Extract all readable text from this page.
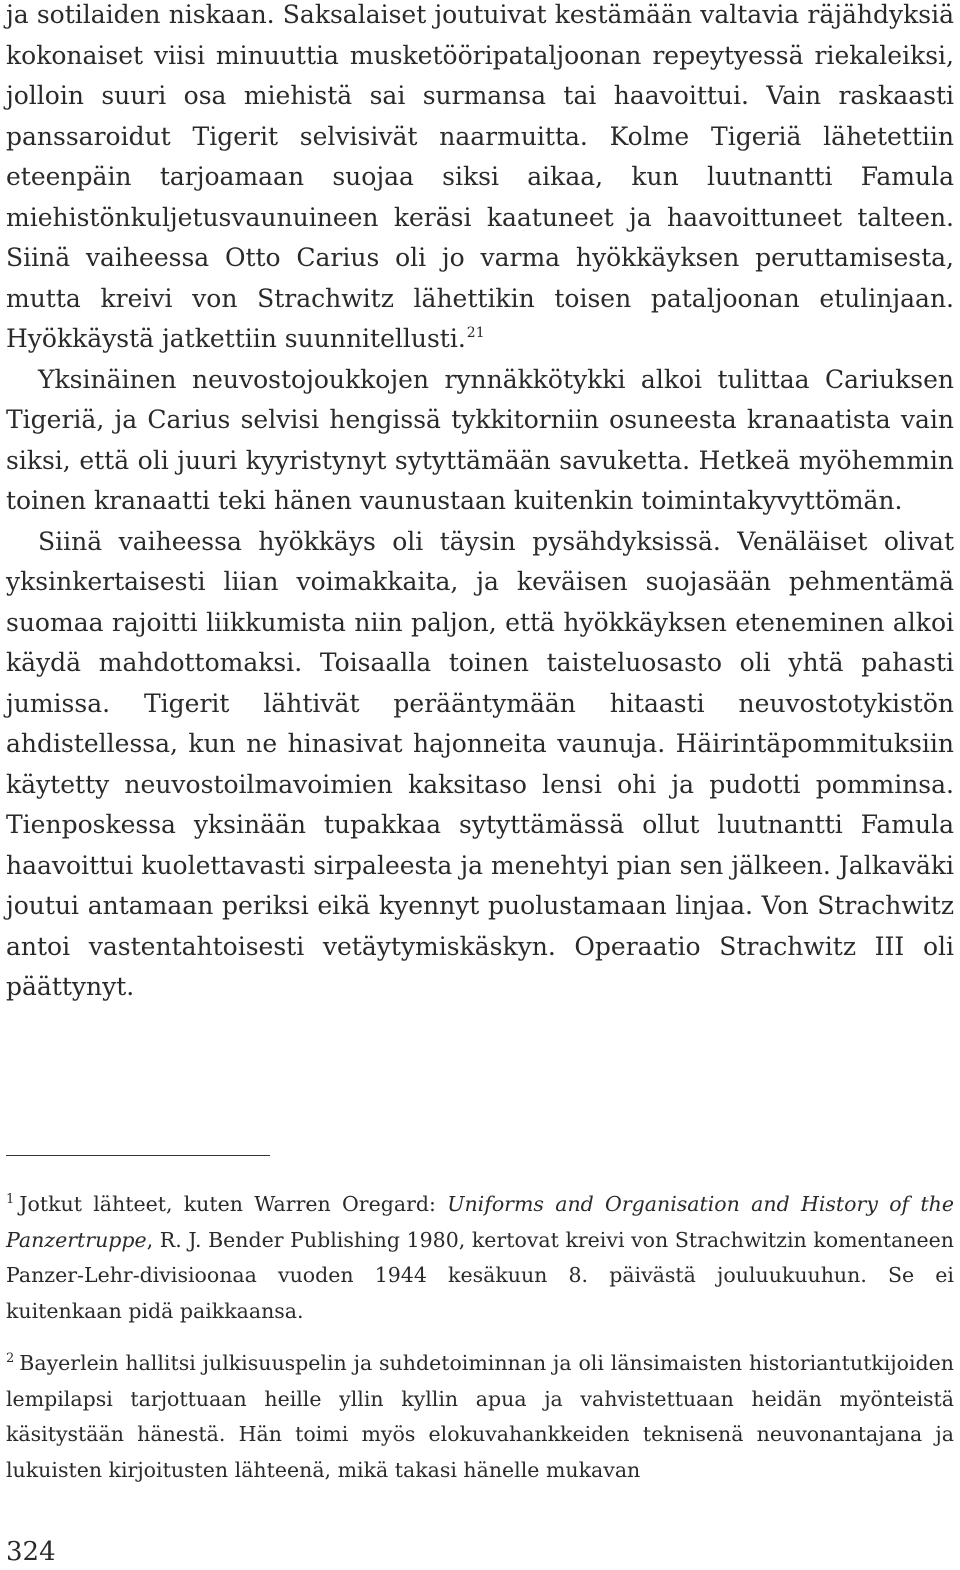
ja sotilaiden niskaan. Saksalaiset joutuivat kestämään valtavia räjähdyksiä kokonaiset viisi minuuttia musketööripataljoonan repeytyessä riekaleiksi, jolloin suuri osa miehistä sai surmansa tai haavoittui. Vain raskaasti panssaroidut Tigerit selvisivät naarmuitta. Kolme Tigeriä lähetettiin eteenpäin tarjoamaan suojaa siksi aikaa, kun luutnantti Famula miehistönkuljetusvaunuineen keräsi kaatuneet ja haavoittuneet talteen. Siinä vaiheessa Otto Carius oli jo varma hyökkäyksen peruttamisesta, mutta kreivi von Strachwitz lähettikin toisen pataljoonan etulinjaan. Hyökkäystä jatkettiin suunnitellusti.$^{21}$

Yksinäinen neuvostojoukkojen rynnäkkötykki alkoi tulittaa Cariuksen Tigeriä, ja Carius selvisi hengissä tykkitorniin osuneesta kranaatista vain siksi, että oli juuri kyyristynyt sytyttämään savuketta. Hetkeä myöhemmin toinen kranaatti teki hänen vaunustaan kuitenkin toimintakyvyttömän.

Siinä vaiheessa hyökkäys oli täysin pysähdyksissä. Venäläiset olivat yksinkertaisesti liian voimakkaita, ja keväisen suojasään pehmentämä suomaa rajoitti liikkumista niin paljon, että hyökkäyksen eteneminen alkoi käydä mahdottomaksi. Toisaalla toinen taisteluosasto oli yhtä pahasti jumissa. Tigerit lähtivät perääntymään hitaasti neuvostotykistön ahdistellessa, kun ne hinasivat hajonneita vaunuja. Häirintäpommituksiin käytetty neuvostoilmavoimien kaksitaso lensi ohi ja pudotti pomminsa. Tienposkessa yksinään tupakkaa sytyttämässä ollut luutnantti Famula haavoittui kuolettavasti sirpaleesta ja menehtyi pian sen jälkeen. Jalkaväki joutui antamaan periksi eikä kyennyt puolustamaan linjaa. Von Strachwitz antoi vastentahtoisesti vetäytymiskäskyn. Operaatio Strachwitz III oli päättynyt.

$^1$ Jotkut lähteet, kuten Warren Oregard: Uniforms and Organisation and History of the Panzertruppe, R. J. Bender Publishing 1980, kertovat kreivi von Strachwitzin komentaneen Panzer-Lehr-divisioonaa vuoden 1944 kesäkuun 8. päivästä jouluukuuhun. Se ei kuitenkaan pidä paikkaansa.

$^2$ Bayerlein hallitsi julkisuuspelin ja suhdetoiminnan ja oli länsimaisten historiantutkijoiden lempilapsi tarjottuaan heille yllin kyllin apua ja vahvistettuaan heidän myönteistä käsitystään hänestä. Hän toimi myös elokuvahankkeiden teknisenä neuvonantajana ja lukuisten kirjoitusten lähteenä, mikä takasi hänelle mukavan

324
